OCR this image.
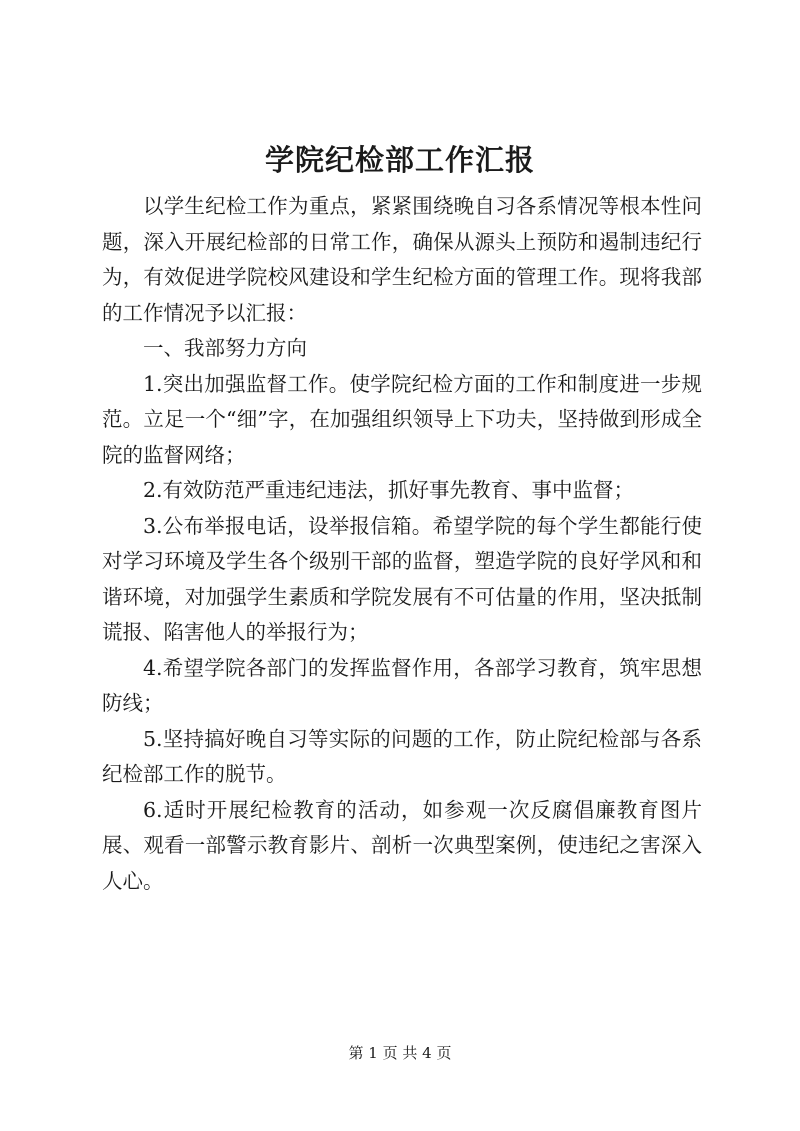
学院纪检部工作汇报

以学生纪检工作为重点，紧紧围绕晚自习各系情况等根本性问题，深入开展纪检部的日常工作，确保从源头上预防和遏制违纪行为，有效促进学院校风建设和学生纪检方面的管理工作。现将我部的工作情况予以汇报：

一、我部努力方向

1.突出加强监督工作。使学院纪检方面的工作和制度进一步规范。立足一个“细”字，在加强组织领导上下功夫，坚持做到形成全院的监督网络；

2.有效防范严重违纪违法，抓好事先教育、事中监督；

3.公布举报电话，设举报信箱。希望学院的每个学生都能行使对学习环境及学生各个级别干部的监督，塑造学院的良好学风和和谐环境，对加强学生素质和学院发展有不可估量的作用，坚决抵制谎报、陷害他人的举报行为；

4.希望学院各部门的发挥监督作用，各部学习教育，筑牢思想防线；

5.坚持搞好晚自习等实际的问题的工作，防止院纪检部与各系纪检部工作的脱节。

6.适时开展纪检教育的活动，如参观一次反腐倡廉教育图片展、观看一部警示教育影片、剖析一次典型案例，使违纪之害深入人心。

第 1 页 共 4 页
